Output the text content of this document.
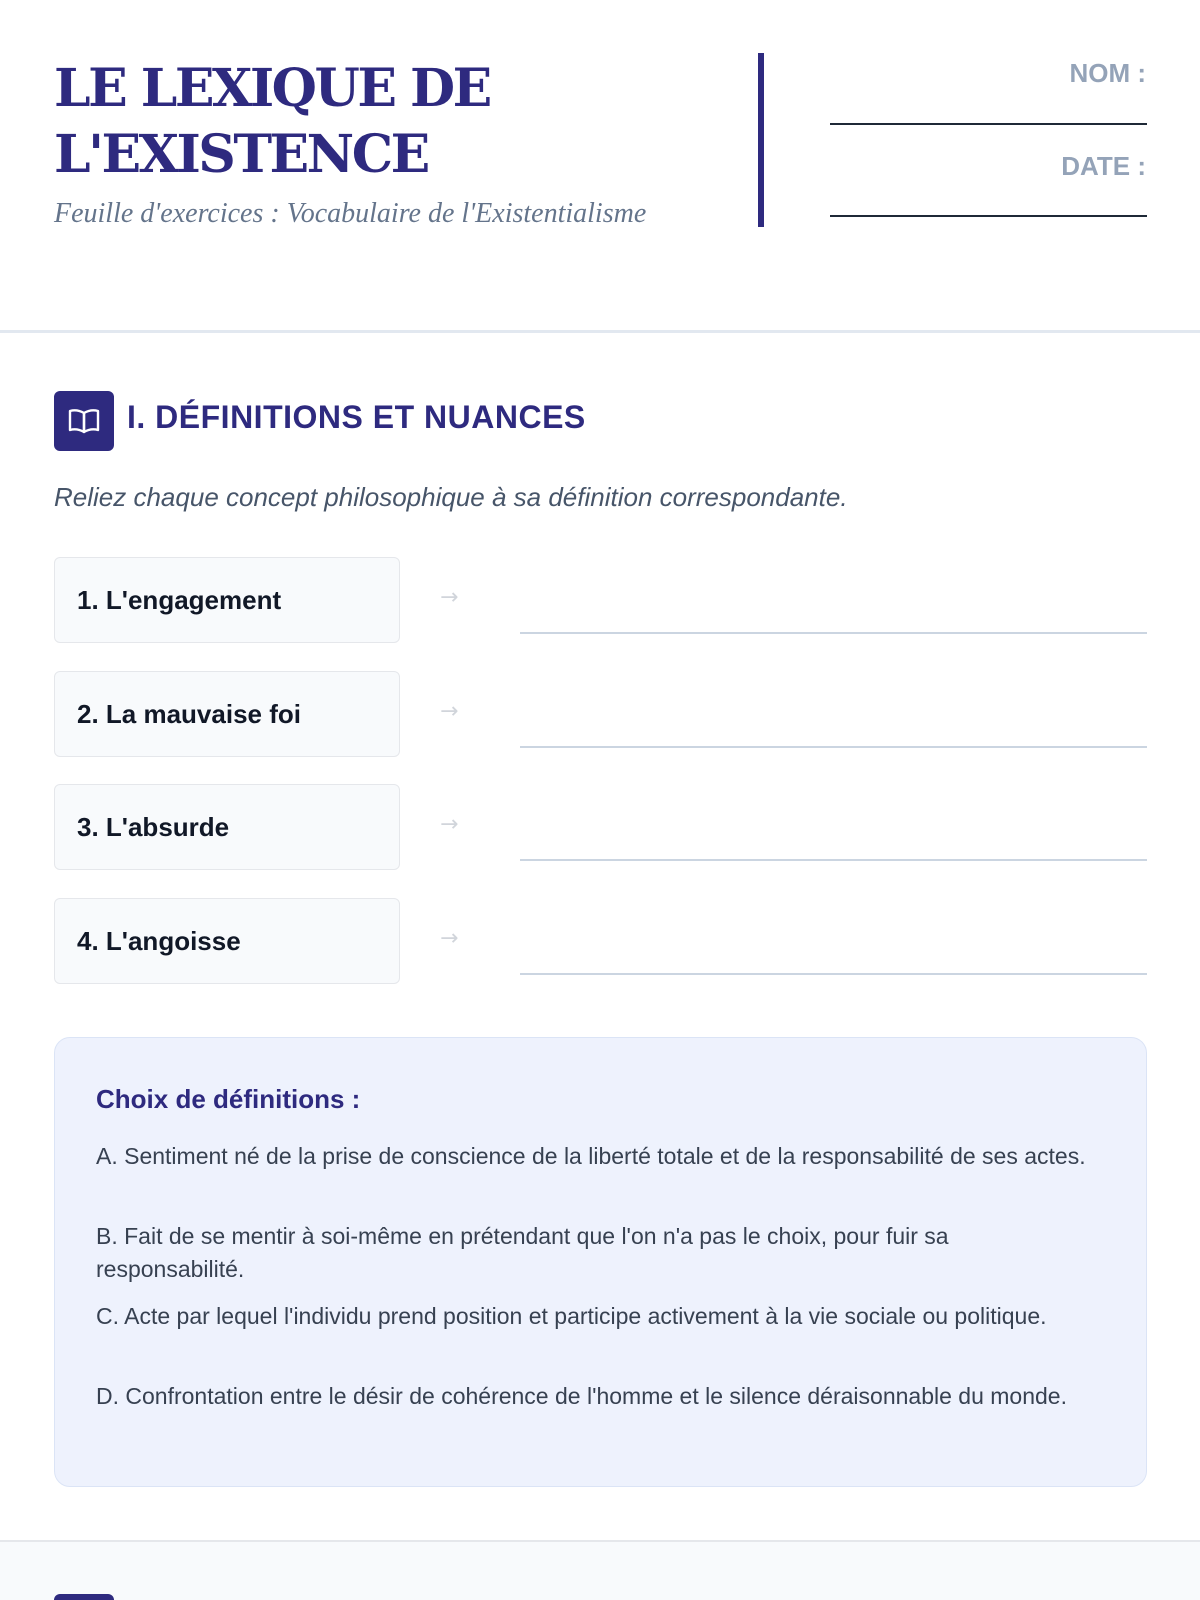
LE LEXIQUE DE
L'EXISTENCE
Feuille d'exercices : Vocabulaire de l'Existentialisme
NOM :
DATE :
I. DÉFINITIONS ET NUANCES
Reliez chaque concept philosophique à sa définition correspondante.
1. L'engagement	→
2. La mauvaise foi	→
3. L'absurde	→
4. L'angoisse	→
Choix de définitions :
A. Sentiment né de la prise de conscience de la liberté totale et de la responsabilité de ses actes.
B. Fait de se mentir à soi-même en prétendant que l'on n'a pas le choix, pour fuir sa responsabilité.
C. Acte par lequel l'individu prend position et participe activement à la vie sociale ou politique.
D. Confrontation entre le désir de cohérence de l'homme et le silence déraisonnable du monde.
